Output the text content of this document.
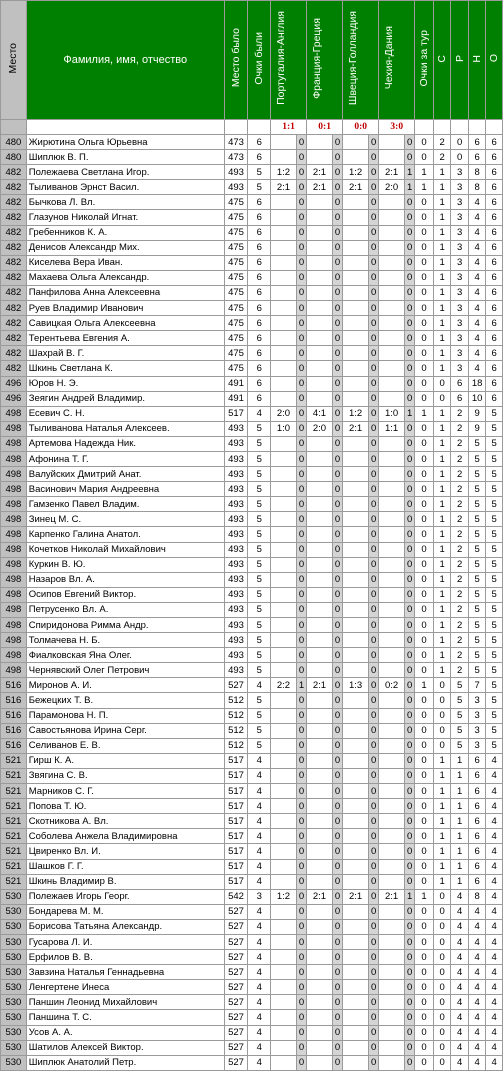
Место	Фамилия, имя, отчество	Место было	Очки были	Португалия-Англия		Франция-Греция		Швеция-Голландия		Чехия-Дания		Очки за тур	С	Р	Н	О
				1:1		0:1		0:0		3:0						
480	Жирютина Ольга Юрьевна	473	6		0		0		0		0	0	2	0	6	6
480	Шиплюк В. П.	473	6		0		0		0		0	0	2	0	6	6
482	Полежаева Светлана Игор.	493	5	1:2	0	2:1	0	1:2	0	2:1	1	1	1	3	8	6
482	Тыливанов Эрнст Васил.	493	5	2:1	0	2:1	0	2:1	0	2:0	1	1	1	3	8	6
482	Бычкова Л. Вл.	475	6		0		0		0		0	0	1	3	4	6
482	Глазунов Николай Игнат.	475	6		0		0		0		0	0	1	3	4	6
482	Гребенников К. А.	475	6		0		0		0		0	0	1	3	4	6
482	Денисов Александр Мих.	475	6		0		0		0		0	0	1	3	4	6
482	Киселева Вера Иван.	475	6		0		0		0		0	0	1	3	4	6
482	Махаева Ольга Александр.	475	6		0		0		0		0	0	1	3	4	6
482	Панфилова Анна Алексеевна	475	6		0		0		0		0	0	1	3	4	6
482	Руев Владимир Иванович	475	6		0		0		0		0	0	1	3	4	6
482	Савицкая Ольга Алексеевна	475	6		0		0		0		0	0	1	3	4	6
482	Терентьева Евгения А.	475	6		0		0		0		0	0	1	3	4	6
482	Шахрай В. Г.	475	6		0		0		0		0	0	1	3	4	6
482	Шкинь Светлана К.	475	6		0		0		0		0	0	1	3	4	6
496	Юров Н. Э.	491	6		0		0		0		0	0	0	6	18	6
496	Зеягин Андрей Владимир.	491	6		0		0		0		0	0	0	6	10	6
498	Есевич С. Н.	517	4	2:0	0	4:1	0	1:2	0	1:0	1	1	1	2	9	5
498	Тыливанова Наталья Алексеев.	493	5	1:0	0	2:0	0	2:1	0	1:1	0	0	1	2	9	5
498	Артемова Надежда Ник.	493	5		0		0		0		0	0	1	2	5	5
498	Афонина Т. Г.	493	5		0		0		0		0	0	1	2	5	5
498	Валуйских Дмитрий Анат.	493	5		0		0		0		0	0	1	2	5	5
498	Васинович Мария Андреевна	493	5		0		0		0		0	0	1	2	5	5
498	Гамзенко Павел Владим.	493	5		0		0		0		0	0	1	2	5	5
498	Зинец М. С.	493	5		0		0		0		0	0	1	2	5	5
498	Карпенко Галина Анатол.	493	5		0		0		0		0	0	1	2	5	5
498	Кочетков Николай Михайлович	493	5		0		0		0		0	0	1	2	5	5
498	Куркин В. Ю.	493	5		0		0		0		0	0	1	2	5	5
498	Назаров Вл. А.	493	5		0		0		0		0	0	1	2	5	5
498	Осипов Евгений Виктор.	493	5		0		0		0		0	0	1	2	5	5
498	Петрусенко Вл. А.	493	5		0		0		0		0	0	1	2	5	5
498	Спиридонова Римма Андр.	493	5		0		0		0		0	0	1	2	5	5
498	Толмачева Н. Б.	493	5		0		0		0		0	0	1	2	5	5
498	Фиалковская Яна Олег.	493	5		0		0		0		0	0	1	2	5	5
498	Чернявский Олег Петрович	493	5		0		0		0		0	0	1	2	5	5
516	Миронов А. И.	527	4	2:2	1	2:1	0	1:3	0	0:2	0	1	0	5	7	5
516	Бежецких Т. В.	512	5		0		0		0		0	0	0	5	3	5
516	Парамонова Н. П.	512	5		0		0		0		0	0	0	5	3	5
516	Савостьянова Ирина Серг.	512	5		0		0		0		0	0	0	5	3	5
516	Селиванов Е. В.	512	5		0		0		0		0	0	0	5	3	5
521	Гирш К. А.	517	4		0		0		0		0	0	1	1	6	4
521	Звягина С. В.	517	4		0		0		0		0	0	1	1	6	4
521	Марников С. Г.	517	4		0		0		0		0	0	1	1	6	4
521	Попова Т. Ю.	517	4		0		0		0		0	0	1	1	6	4
521	Скотникова А. Вл.	517	4		0		0		0		0	0	1	1	6	4
521	Соболева Анжела Владимировна	517	4		0		0		0		0	0	1	1	6	4
521	Цвиренко Вл. И.	517	4		0		0		0		0	0	1	1	6	4
521	Шашков Г. Г.	517	4		0		0		0		0	0	1	1	6	4
521	Шкинь Владимир В.	517	4		0		0		0		0	0	1	1	6	4
530	Полежаев Игорь Георг.	542	3	1:2	0	2:1	0	2:1	0	2:1	1	1	0	4	8	4
530	Бондарева М. М.	527	4		0		0		0		0	0	0	4	4	4
530	Борисова Татьяна Александр.	527	4		0		0		0		0	0	0	4	4	4
530	Гусарова Л. И.	527	4		0		0		0		0	0	0	4	4	4
530	Ерфилов В. В.	527	4		0		0		0		0	0	0	4	4	4
530	Завзина Наталья Геннадьевна	527	4		0		0		0		0	0	0	4	4	4
530	Ленгертене Инеса	527	4		0		0		0		0	0	0	4	4	4
530	Паншин Леонид Михайлович	527	4		0		0		0		0	0	0	4	4	4
530	Паншина Т. С.	527	4		0		0		0		0	0	0	4	4	4
530	Усов А. А.	527	4		0		0		0		0	0	0	4	4	4
530	Шатилов Алексей Виктор.	527	4		0		0		0		0	0	0	4	4	4
530	Шиплюк Анатолий Петр.	527	4		0		0		0		0	0	0	4	4	4
